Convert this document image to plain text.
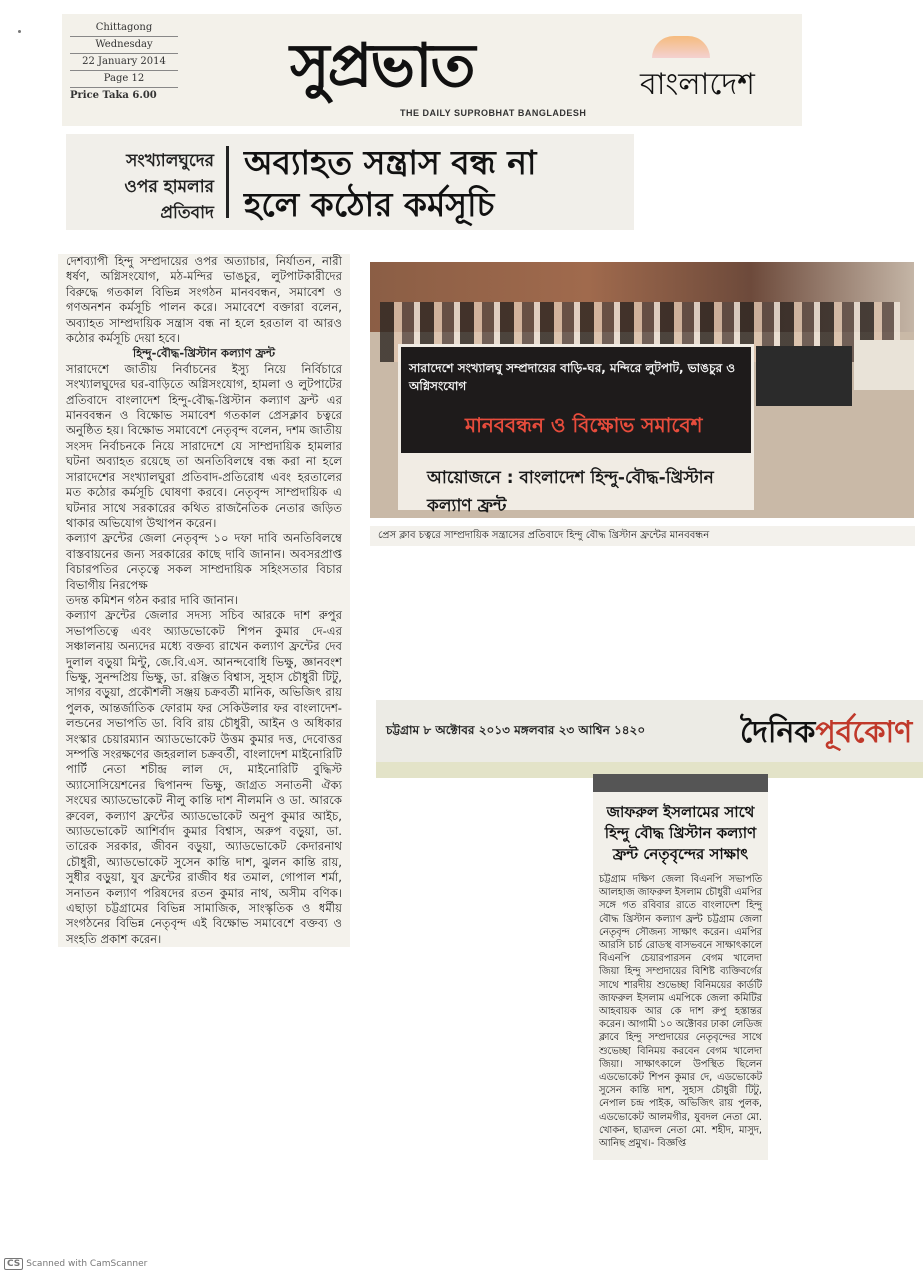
Chittagong
Wednesday
22 January 2014
Page 12
Price Taka 6.00	সুপ্রভাত	বাংলাদেশ
THE DAILY SUPROBHAT BANGLADESH
সংখ্যালঘুদের
ওপর হামলার
প্রতিবাদ
অব্যাহত সন্ত্রাস বন্ধ না
হলে কঠোর কর্মসূচি

দেশব্যাপী হিন্দু সম্প্রদায়ের ওপর অত্যাচার, নির্যাতন, নারী ধর্ষণ, অগ্নিসংযোগ, মঠ-মন্দির ভাঙচুর, লুটপাটকারীদের বিরুদ্ধে গতকাল বিভিন্ন সংগঠন মানববন্ধন, সমাবেশ ও গণঅনশন কর্মসূচি পালন করে। সমাবেশে বক্তারা বলেন, অব্যাহত সাম্প্রদায়িক সন্ত্রাস বন্ধ না হলে হরতাল বা আরও কঠোর কর্মসূচি দেয়া হবে।

হিন্দু-বৌদ্ধ-খ্রিস্টান কল্যাণ ফ্রন্ট

সারাদেশে জাতীয় নির্বাচনের ইস্যু নিয়ে নির্বিচারে সংখ্যালঘুদের ঘর-বাড়িতে অগ্নিসংযোগ, হামলা ও লুটপাটের প্রতিবাদে বাংলাদেশ হিন্দু-বৌদ্ধ-খ্রিস্টান কল্যাণ ফ্রন্ট এর মানববন্ধন ও বিক্ষোভ সমাবেশ গতকাল প্রেসক্লাব চত্বরে অনুষ্ঠিত হয়। বিক্ষোভ সমাবেশে নেতৃবৃন্দ বলেন, দশম জাতীয় সংসদ নির্বাচনকে নিয়ে সারাদেশে যে সাম্প্রদায়িক হামলার ঘটনা অব্যাহত রয়েছে তা অনতিবিলম্বে বন্ধ করা না হলে সারাদেশের সংখ্যালঘুরা প্রতিবাদ-প্রতিরোধ এবং হরতালের মত কঠোর কর্মসূচি ঘোষণা করবে। নেতৃবৃন্দ সাম্প্রদায়িক এ ঘটনার সাথে সরকারের কথিত রাজনৈতিক নেতার জড়িত থাকার অভিযোগ উত্থাপন করেন।

কল্যাণ ফ্রন্টের জেলা নেতৃবৃন্দ ১০ দফা দাবি অনতিবিলম্বে বাস্তবায়নের জন্য সরকারের কাছে দাবি জানান। অবসরপ্রাপ্ত বিচারপতির নেতৃত্বে সকল সাম্প্রদায়িক সহিংসতার বিচার বিভাগীয় নিরপেক্ষ

তদন্ত কমিশন গঠন করার দাবি জানান।

কল্যাণ ফ্রন্টের জেলার সদস্য সচিব আরকে দাশ রুপুর সভাপতিত্বে এবং অ্যাডভোকেট শিপন কুমার দে-এর সঞ্চালনায় অন্যদের মধ্যে বক্তব্য রাখেন কল্যাণ ফ্রন্টের দেব দুলাল বড়ুয়া মিন্টু, জে.বি.এস. আনন্দবোধি ভিক্ষু, জ্ঞানবংশ ভিক্ষু, সুনন্দপ্রিয় ভিক্ষু, ডা. রঞ্জিত বিশ্বাস, সুহাস চৌধুরী টিটু, সাগর বড়ুয়া, প্রকৌশলী সঞ্জয় চক্রবর্তী মানিক, অভিজিৎ রায় পুলক, আন্তর্জাতিক ফোরাম ফর সেকিউলার ফর বাংলাদেশ-লন্ডনের সভাপতি ডা. বিবি রায় চৌধুরী, আইন ও অধিকার সংস্কার চেয়ারম্যান অ্যাডভোকেট উত্তম কুমার দত্ত, দেবোত্তর সম্পত্তি সংরক্ষণের জহরলাল চক্রবর্তী, বাংলাদেশ মাইনোরিটি পার্টি নেতা শচীন্দ্র লাল দে, মাইনোরিটি বুদ্ধিস্ট অ্যাসোসিয়েশনের দ্বিপানন্দ ভিক্ষু, জাগ্রত সনাতনী ঐক্য সংঘের অ্যাডভোকেট নীলু কান্তি দাশ নীলমনি ও ডা. আরকে রুবেল, কল্যাণ ফ্রন্টের অ্যাডভোকেট অনুপ কুমার আইচ, অ্যাডভোকেট আশির্বাদ কুমার বিশ্বাস, অরুপ বড়ুয়া, ডা. তারেক সরকার, জীবন বড়ুয়া, অ্যাডভোকেট কেদারনাথ চৌধুরী, অ্যাডভোকেট সুসেন কান্তি দাশ, ঝুলন কান্তি রায়, সুধীর বড়ুয়া, যুব ফ্রন্টের রাজীব ধর তমাল, গোপাল শর্মা, সনাতন কল্যাণ পরিষদের রতন কুমার নাথ, অসীম বণিক। এছাড়া চট্টগ্রামের বিভিন্ন সামাজিক, সাংস্কৃতিক ও ধর্মীয় সংগঠনের বিভিন্ন নেতৃবৃন্দ এই বিক্ষোভ সমাবেশে বক্তব্য ও সংহতি প্রকাশ করেন।

সারাদেশে সংখ্যালঘু সম্প্রদায়ের বাড়ি-ঘর, মন্দিরে লুটপাট, ভাঙচুর ও অগ্নিসংযোগ
মানববন্ধন ও বিক্ষোভ সমাবেশ
আয়োজনে : বাংলাদেশ হিন্দু-বৌদ্ধ-খ্রিস্টান কল্যাণ ফ্রন্ট
প্রেস ক্লাব চত্বরে সাম্প্রদায়িক সন্ত্রাসের প্রতিবাদে হিন্দু বৌদ্ধ খ্রিস্টান ফ্রন্টের মানববন্ধন
চট্টগ্রাম ৮ অক্টোবর ২০১৩ মঙ্গলবার ২৩ আশ্বিন ১৪২০	দৈনিকপূর্বকোণ
জাফরুল ইসলামের সাথে হিন্দু বৌদ্ধ খ্রিস্টান কল্যাণ ফ্রন্ট নেতৃবৃন্দের সাক্ষাৎ

চট্টগ্রাম দক্ষিণ জেলা বিএনপি সভাপতি আলহাজ জাফরুল ইসলাম চৌধুরী এমপির সঙ্গে গত রবিবার রাতে বাংলাদেশ হিন্দু বৌদ্ধ খ্রিস্টান কল্যাণ ফ্রন্ট চট্টগ্রাম জেলা নেতৃবৃন্দ সৌজন্য সাক্ষাৎ করেন। এমপির আরসি চার্চ রোডস্থ বাসভবনে সাক্ষাৎকালে বিএনপি চেয়ারপারসন বেগম খালেদা জিয়া হিন্দু সম্প্রদায়ের বিশিষ্ট ব্যক্তিবর্গের সাথে শারদীয় শুভেচ্ছা বিনিময়ের কার্ডটি জাফরুল ইসলাম এমপিকে জেলা কমিটির আহবায়ক আর কে দাশ রুপু হস্তান্তর করেন। আগামী ১০ অক্টোবর ঢাকা লেডিজ ক্লাবে হিন্দু সম্প্রদায়ের নেতৃবৃন্দের সাথে শুভেচ্ছা বিনিময় করবেন বেগম খালেদা জিয়া। সাক্ষাৎকালে উপস্থিত ছিলেন এডভোকেট শিপন কুমার দে, এডভোকেট সুসেন কান্তি দাশ, সুহাস চৌধুরী টিটু, নেপাল চন্দ্র পাইক, অভিজিৎ রায় পুলক, এডভোকেট আলমগীর, যুবদল নেতা মো. খোকন, ছাত্রদল নেতা মো. শহীদ, মাসুদ, আনিছ প্রমুখ।- বিজ্ঞপ্তি

CS Scanned with CamScanner
